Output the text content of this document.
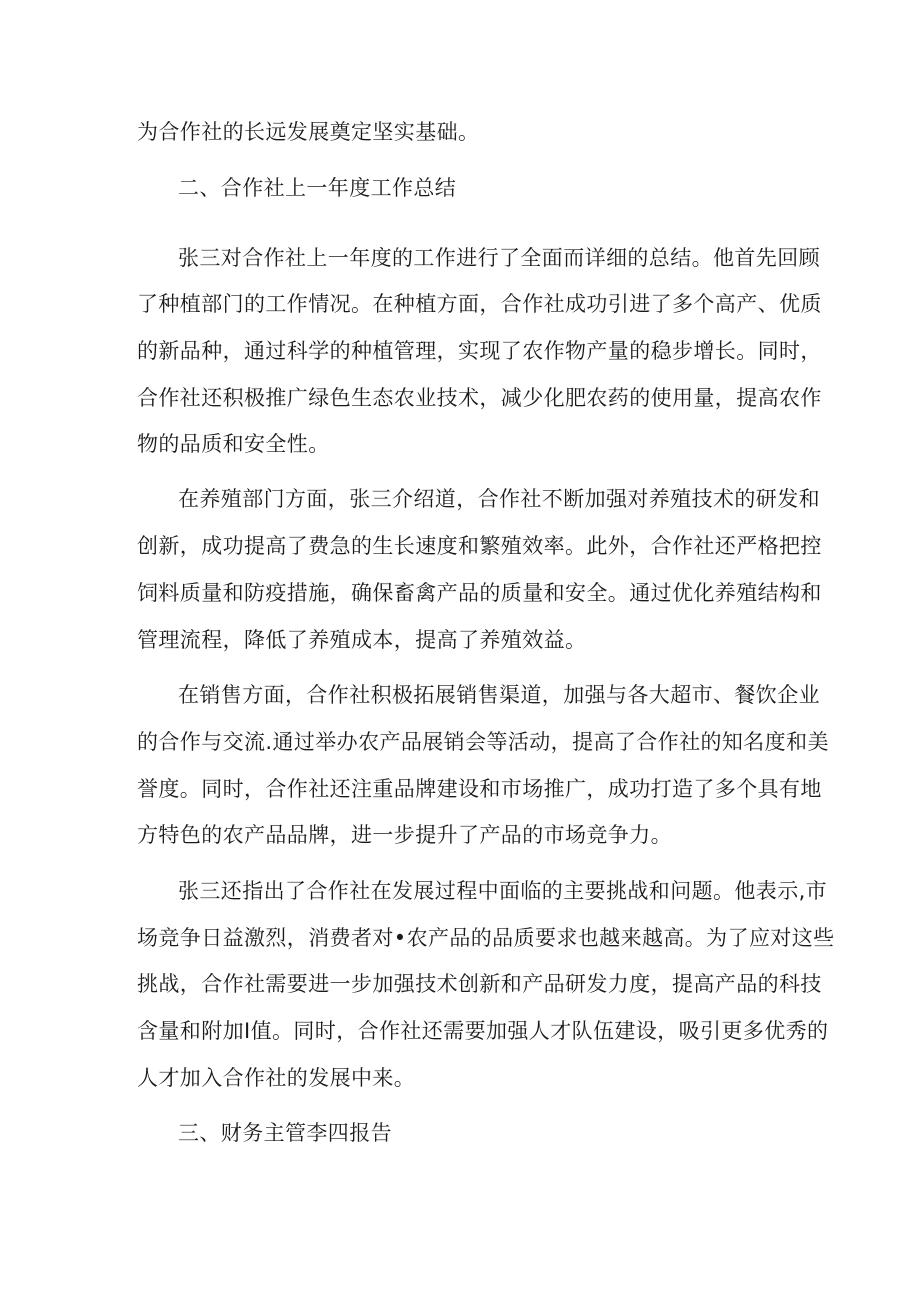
为合作社的长远发展奠定坚实基础。
二、合作社上一年度工作总结
张三对合作社上一年度的工作进行了全面而详细的总结。他首先回顾
了种植部门的工作情况。在种植方面，合作社成功引进了多个高产、优质
的新品种，通过科学的种植管理，实现了农作物产量的稳步增长。同时，
合作社还积极推广绿色生态农业技术，减少化肥农药的使用量，提高农作
物的品质和安全性。
在养殖部门方面，张三介绍道，合作社不断加强对养殖技术的研发和
创新，成功提高了费急的生长速度和繁殖效率。此外，合作社还严格把控
饲料质量和防疫措施，确保畜禽产品的质量和安全。通过优化养殖结构和
管理流程，降低了养殖成本，提高了养殖效益。
在销售方面，合作社积极拓展销售渠道，加强与各大超市、餐饮企业
的合作与交流.通过举办农产品展销会等活动，提高了合作社的知名度和美
誉度。同时，合作社还注重品牌建设和市场推广，成功打造了多个具有地
方特色的农产品品牌，进一步提升了产品的市场竞争力。
张三还指出了合作社在发展过程中面临的主要挑战和问题。他表示,市
场竞争日益激烈，消费者对•农产品的品质要求也越来越高。为了应对这些
挑战，合作社需要进一步加强技术创新和产品研发力度，提高产品的科技
含量和附加I值。同时，合作社还需要加强人才队伍建设，吸引更多优秀的
人才加入合作社的发展中来。
三、财务主管李四报告
